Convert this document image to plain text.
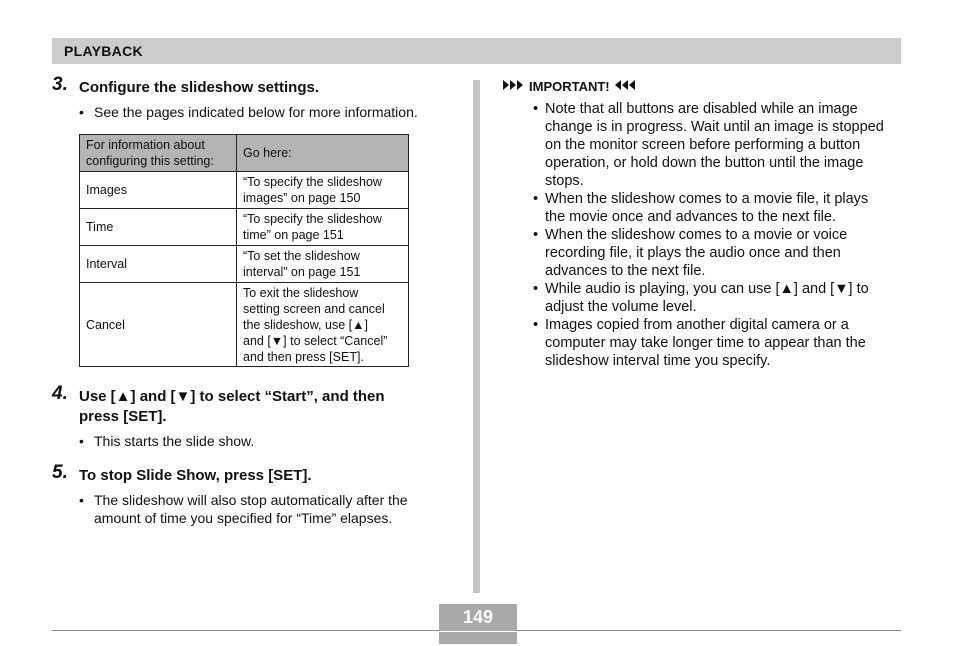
PLAYBACK
3. Configure the slideshow settings.
• See the pages indicated below for more information.
For information about
configuring this setting:	Go here:
Images	“To specify the slideshow
images” on page 150
Time	“To specify the slideshow
time” on page 151
Interval	“To set the slideshow
interval” on page 151
Cancel	To exit the slideshow
setting screen and cancel
the slideshow, use [▲]
and [▼] to select “Cancel”
and then press [SET].
4. Use [▲] and [▼] to select “Start”, and then
press [SET].
• This starts the slide show.
5. To stop Slide Show, press [SET].
• The slideshow will also stop automatically after the
amount of time you specified for “Time” elapses.
IMPORTANT!
• Note that all buttons are disabled while an image
change is in progress. Wait until an image is stopped
on the monitor screen before performing a button
operation, or hold down the button until the image
stops.
• When the slideshow comes to a movie file, it plays
the movie once and advances to the next file.
• When the slideshow comes to a movie or voice
recording file, it plays the audio once and then
advances to the next file.
• While audio is playing, you can use [▲] and [▼] to
adjust the volume level.
• Images copied from another digital camera or a
computer may take longer time to appear than the
slideshow interval time you specify.
149
